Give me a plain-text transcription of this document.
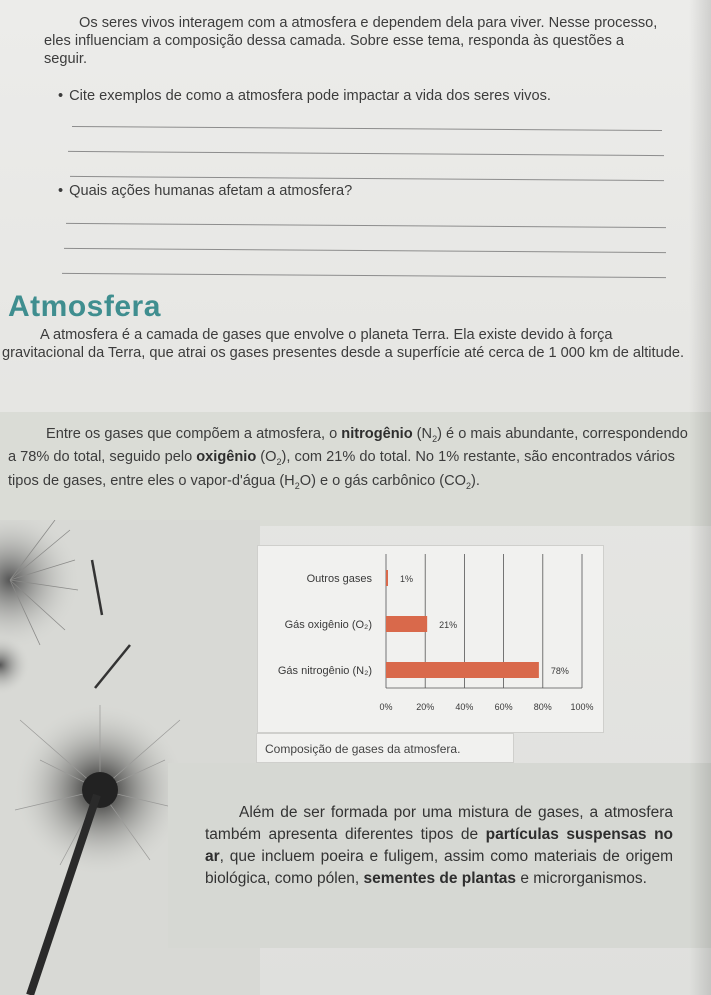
Os seres vivos interagem com a atmosfera e dependem dela para viver. Nesse processo, eles influenciam a composição dessa camada. Sobre esse tema, responda às questões a seguir.

• Cite exemplos de como a atmosfera pode impactar a vida dos seres vivos.
• Quais ações humanas afetam a atmosfera?
Atmosfera

A atmosfera é a camada de gases que envolve o planeta Terra. Ela existe devido à força gravitacional da Terra, que atrai os gases presentes desde a superfície até cerca de 1 000 km de altitude.

Entre os gases que compõem a atmosfera, o nitrogênio $(N_2)$ é o mais abundante, correspondendo a 78% do total, seguido pelo oxigênio $(O_2)$, com 21% do total. No 1% restante, são encontrados vários tipos de gases, entre eles o vapor-d'água $(H_2O)$ e o gás carbônico $(CO_2)$.

0%	20% 40% 60% 80% 100%
Outros gases	1%
Gás oxigênio (O₂)	21%
Gás nitrogênio (N₂)	78%
Composição de gases da atmosfera.

Além de ser formada por uma mistura de gases, a atmosfera também apresenta diferentes tipos de partículas suspensas no ar, que incluem poeira e fuligem, assim como materiais de origem biológica, como pólen, sementes de plantas e microrganismos.
